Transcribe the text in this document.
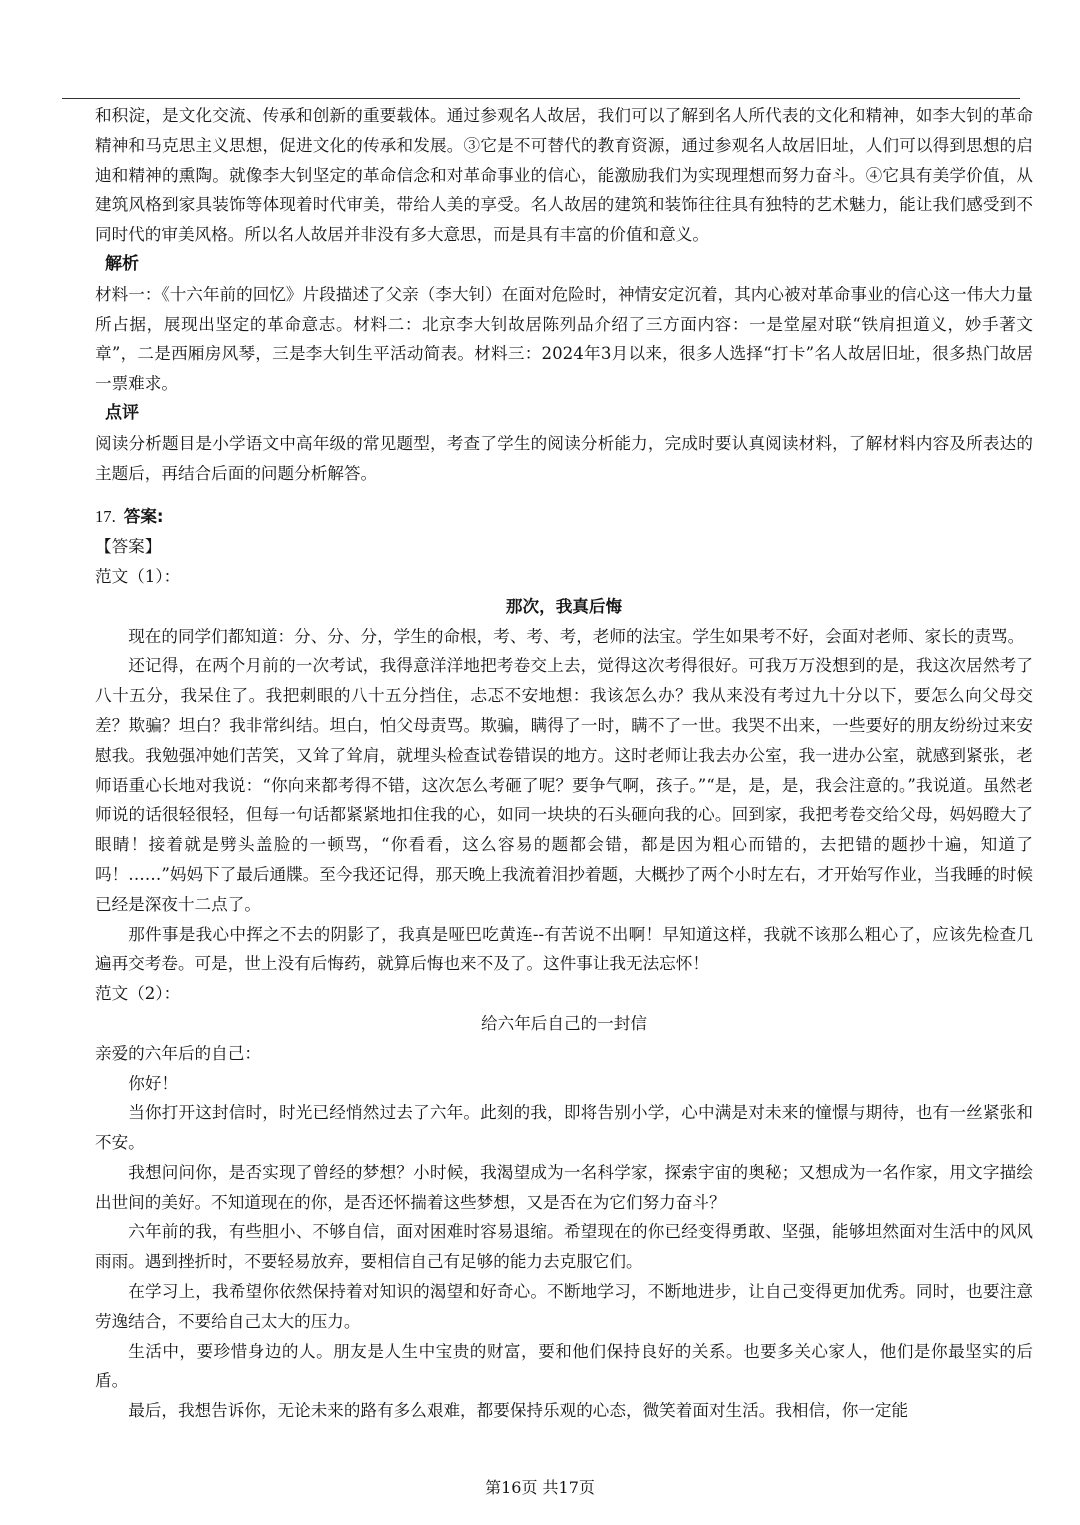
和积淀，是文化交流、传承和创新的重要载体。通过参观名人故居，我们可以了解到名人所代表的文化和精神，如李大钊的革命精神和马克思主义思想，促进文化的传承和发展。③它是不可替代的教育资源，通过参观名人故居旧址，人们可以得到思想的启迪和精神的熏陶。就像李大钊坚定的革命信念和对革命事业的信心，能激励我们为实现理想而努力奋斗。④它具有美学价值，从建筑风格到家具装饰等体现着时代审美，带给人美的享受。名人故居的建筑和装饰往往具有独特的艺术魅力，能让我们感受到不同时代的审美风格。所以名人故居并非没有多大意思，而是具有丰富的价值和意义。

解析

材料一：《十六年前的回忆》片段描述了父亲（李大钊）在面对危险时，神情安定沉着，其内心被对革命事业的信心这一伟大力量所占据，展现出坚定的革命意志。材料二：北京李大钊故居陈列品介绍了三方面内容：一是堂屋对联“铁肩担道义，妙手著文章”，二是西厢房风琴，三是李大钊生平活动简表。材料三：2024年3月以来，很多人选择“打卡”名人故居旧址，很多热门故居一票难求。

点评

阅读分析题目是小学语文中高年级的常见题型，考查了学生的阅读分析能力，完成时要认真阅读材料，了解材料内容及所表达的主题后，再结合后面的问题分析解答。

17. 答案:

【答案】

范文（1）：

那次，我真后悔

现在的同学们都知道：分、分、分，学生的命根，考、考、考，老师的法宝。学生如果考不好，会面对老师、家长的责骂。

还记得，在两个月前的一次考试，我得意洋洋地把考卷交上去，觉得这次考得很好。可我万万没想到的是，我这次居然考了八十五分，我呆住了。我把刺眼的八十五分挡住，忐忑不安地想：我该怎么办？我从来没有考过九十分以下，要怎么向父母交差？欺骗？坦白？我非常纠结。坦白，怕父母责骂。欺骗，瞒得了一时，瞒不了一世。我哭不出来，一些要好的朋友纷纷过来安慰我。我勉强冲她们苦笑，又耸了耸肩，就埋头检查试卷错误的地方。这时老师让我去办公室，我一进办公室，就感到紧张，老师语重心长地对我说：“你向来都考得不错，这次怎么考砸了呢？要争气啊，孩子。”“是，是，是，我会注意的。”我说道。虽然老师说的话很轻很轻，但每一句话都紧紧地扣住我的心，如同一块块的石头砸向我的心。回到家，我把考卷交给父母，妈妈瞪大了眼睛！接着就是劈头盖脸的一顿骂，“你看看，这么容易的题都会错，都是因为粗心而错的，去把错的题抄十遍，知道了吗！……”妈妈下了最后通牒。至今我还记得，那天晚上我流着泪抄着题，大概抄了两个小时左右，才开始写作业，当我睡的时候已经是深夜十二点了。

那件事是我心中挥之不去的阴影了，我真是哑巴吃黄连--有苦说不出啊！早知道这样，我就不该那么粗心了，应该先检查几遍再交考卷。可是，世上没有后悔药，就算后悔也来不及了。这件事让我无法忘怀！

范文（2）：

给六年后自己的一封信

亲爱的六年后的自己：

你好！

当你打开这封信时，时光已经悄然过去了六年。此刻的我，即将告别小学，心中满是对未来的憧憬与期待，也有一丝紧张和不安。

我想问问你，是否实现了曾经的梦想？小时候，我渴望成为一名科学家，探索宇宙的奥秘；又想成为一名作家，用文字描绘出世间的美好。不知道现在的你，是否还怀揣着这些梦想，又是否在为它们努力奋斗？

六年前的我，有些胆小、不够自信，面对困难时容易退缩。希望现在的你已经变得勇敢、坚强，能够坦然面对生活中的风风雨雨。遇到挫折时，不要轻易放弃，要相信自己有足够的能力去克服它们。

在学习上，我希望你依然保持着对知识的渴望和好奇心。不断地学习，不断地进步，让自己变得更加优秀。同时，也要注意劳逸结合，不要给自己太大的压力。

生活中，要珍惜身边的人。朋友是人生中宝贵的财富，要和他们保持良好的关系。也要多关心家人，他们是你最坚实的后盾。

最后，我想告诉你，无论未来的路有多么艰难，都要保持乐观的心态，微笑着面对生活。我相信，你一定能

第16页 共17页
